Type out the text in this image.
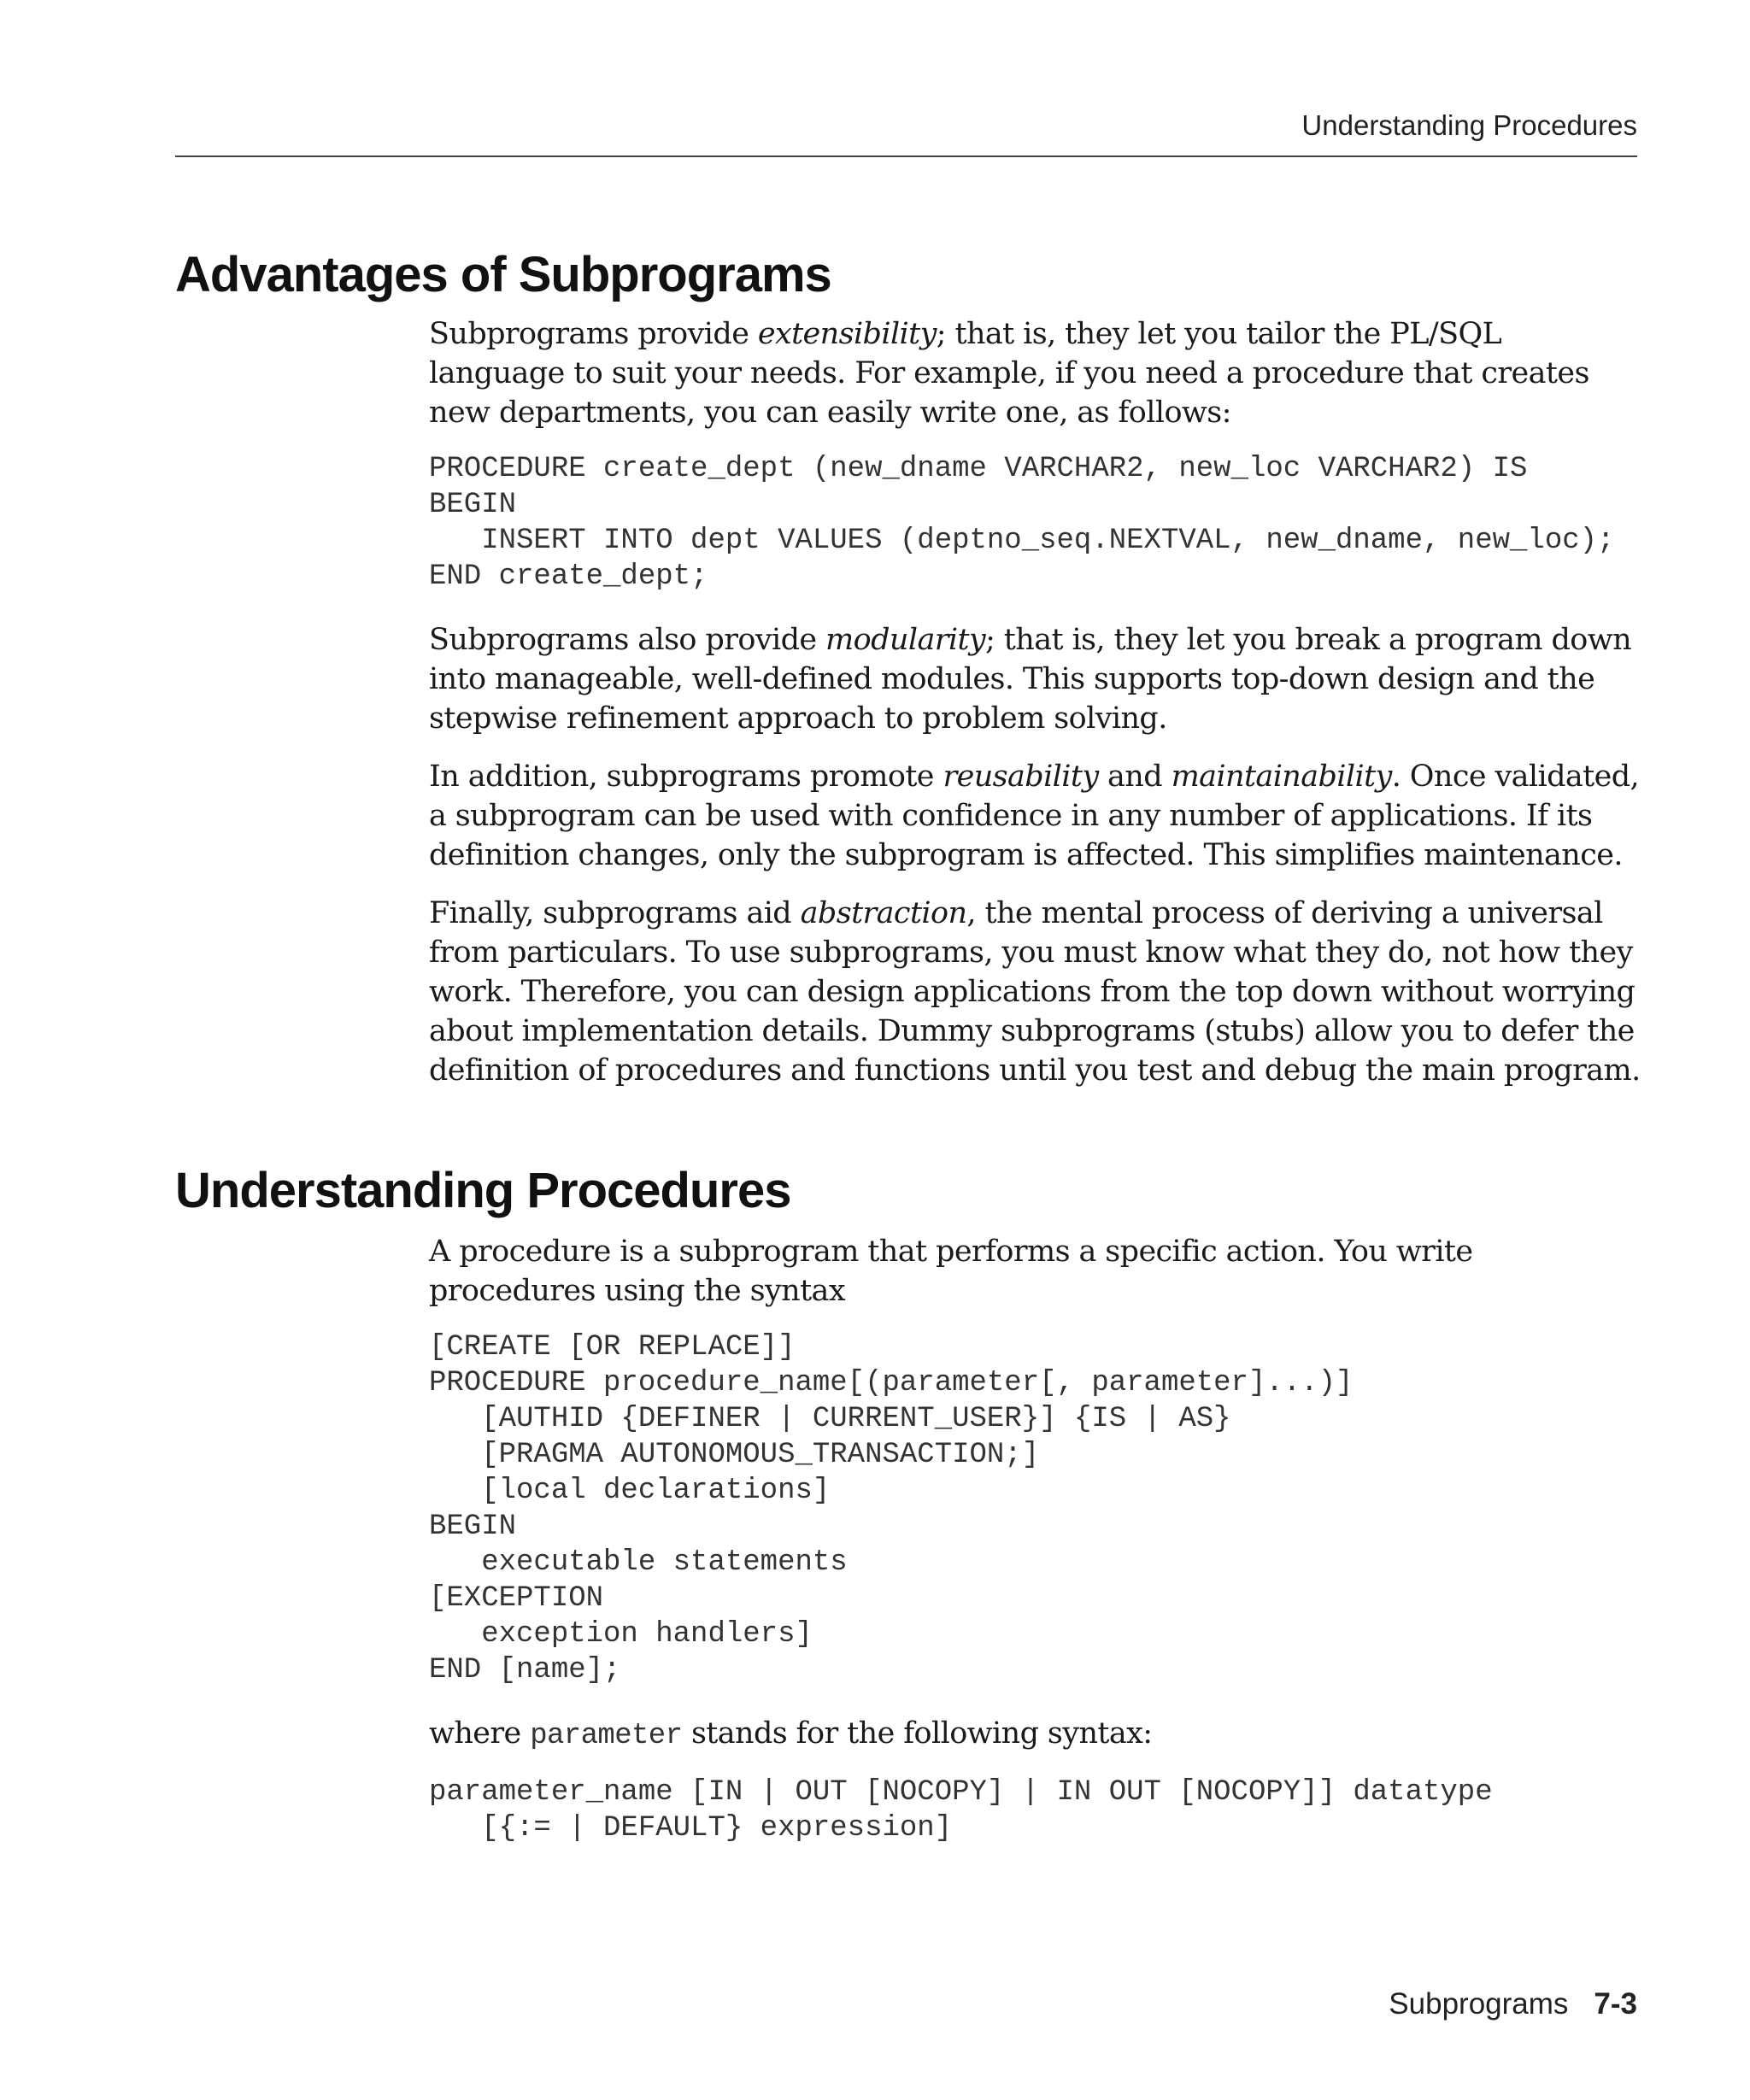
Understanding Procedures
Advantages of Subprograms

Subprograms provide extensibility; that is, they let you tailor the PL/SQL language to suit your needs. For example, if you need a procedure that creates new departments, you can easily write one, as follows:

PROCEDURE create_dept (new_dname VARCHAR2, new_loc VARCHAR2) IS
BEGIN
INSERT INTO dept VALUES (deptno_seq.NEXTVAL, new_dname, new_loc);
END create_dept;

Subprograms also provide modularity; that is, they let you break a program down into manageable, well-defined modules. This supports top-down design and the stepwise refinement approach to problem solving.

In addition, subprograms promote reusability and maintainability. Once validated, a subprogram can be used with confidence in any number of applications. If its definition changes, only the subprogram is affected. This simplifies maintenance.

Finally, subprograms aid abstraction, the mental process of deriving a universal from particulars. To use subprograms, you must know what they do, not how they work. Therefore, you can design applications from the top down without worrying about implementation details. Dummy subprograms (stubs) allow you to defer the definition of procedures and functions until you test and debug the main program.

Understanding Procedures

A procedure is a subprogram that performs a specific action. You write procedures using the syntax

[CREATE [OR REPLACE]]
PROCEDURE procedure_name[(parameter[, parameter]...)]
[AUTHID {DEFINER | CURRENT_USER}] {IS | AS}
[PRAGMA AUTONOMOUS_TRANSACTION;]
[local declarations]
BEGIN
executable statements
[EXCEPTION
exception handlers]
END [name];

where parameter stands for the following syntax:

parameter_name [IN | OUT [NOCOPY] | IN OUT [NOCOPY]] datatype
[{:= | DEFAULT} expression]
Subprograms 7-3
